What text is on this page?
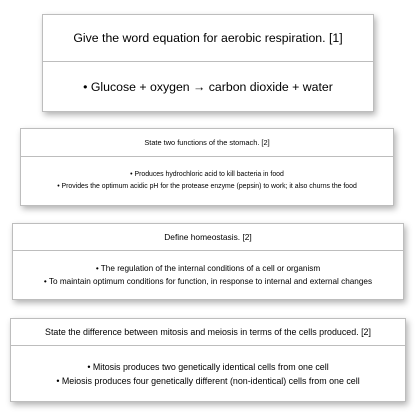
Give the word equation for aerobic respiration. [1]
• Glucose + oxygen → carbon dioxide + water
State two functions of the stomach. [2]
• Produces hydrochloric acid to kill bacteria in food
• Provides the optimum acidic pH for the protease enzyme (pepsin) to work; it also churns the food
Define homeostasis. [2]
• The regulation of the internal conditions of a cell or organism
• To maintain optimum conditions for function, in response to internal and external changes
State the difference between mitosis and meiosis in terms of the cells produced. [2]
• Mitosis produces two genetically identical cells from one cell
• Meiosis produces four genetically different (non-identical) cells from one cell
